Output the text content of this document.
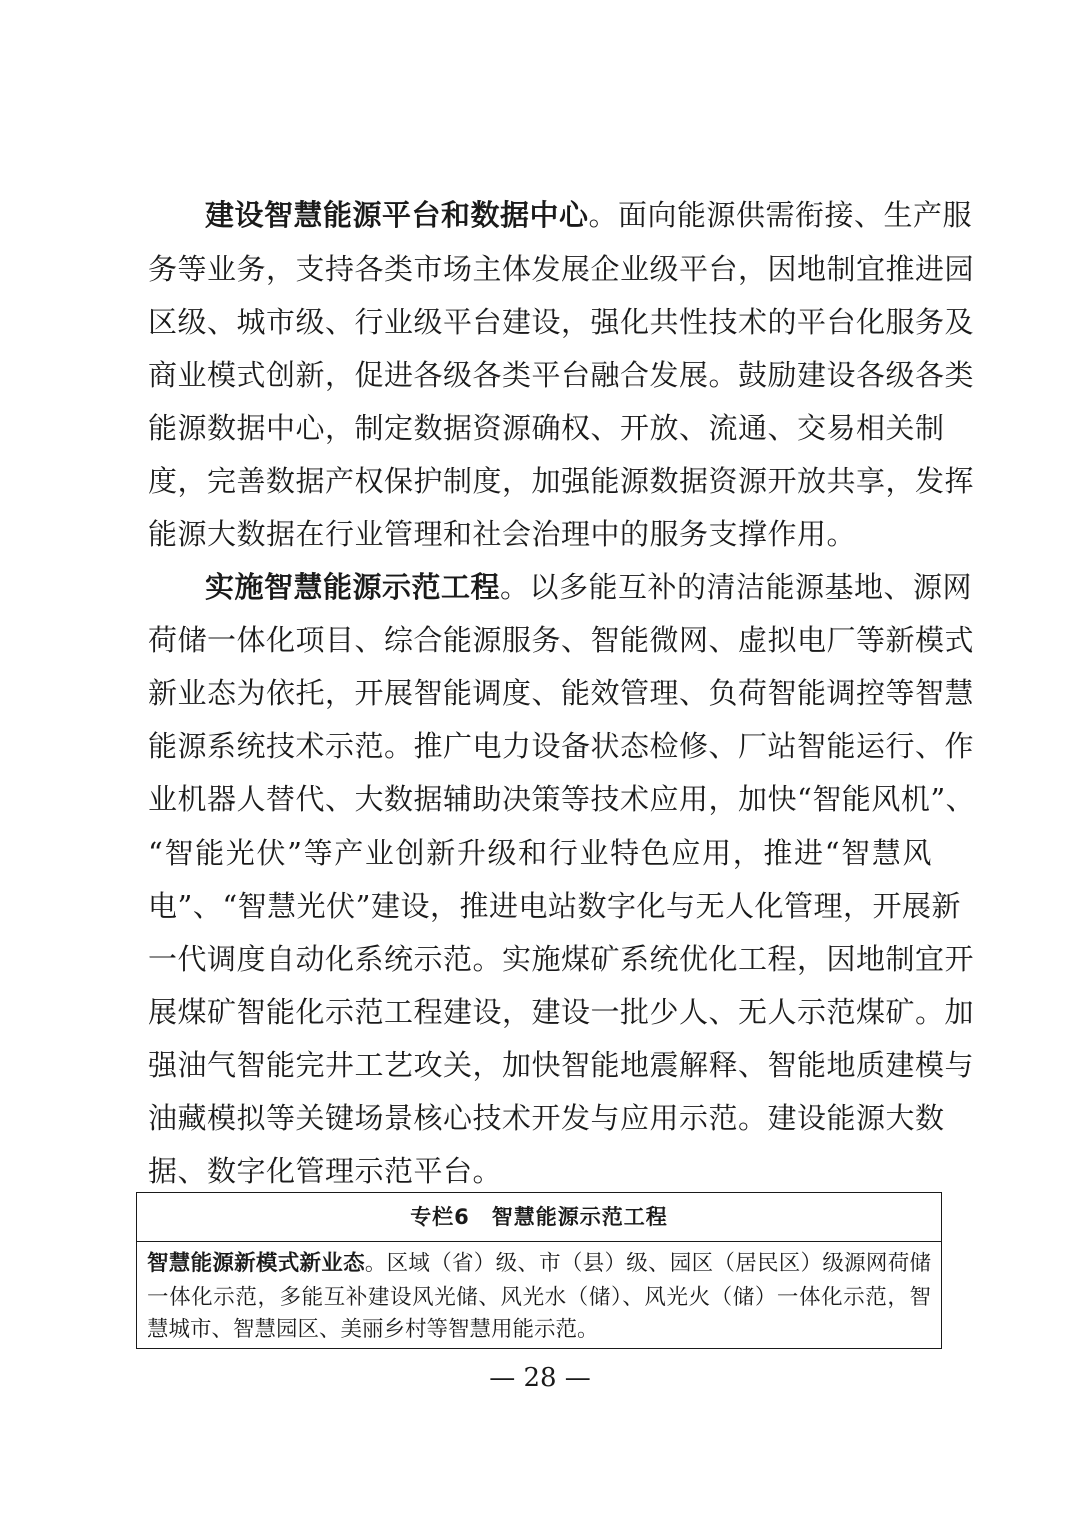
建设智慧能源平台和数据中心。面向能源供需衔接、生产服
务等业务，支持各类市场主体发展企业级平台，因地制宜推进园
区级、城市级、行业级平台建设，强化共性技术的平台化服务及
商业模式创新，促进各级各类平台融合发展。鼓励建设各级各类
能源数据中心，制定数据资源确权、开放、流通、交易相关制
度，完善数据产权保护制度，加强能源数据资源开放共享，发挥
能源大数据在行业管理和社会治理中的服务支撑作用。
实施智慧能源示范工程。以多能互补的清洁能源基地、源网
荷储一体化项目、综合能源服务、智能微网、虚拟电厂等新模式
新业态为依托，开展智能调度、能效管理、负荷智能调控等智慧
能源系统技术示范。推广电力设备状态检修、厂站智能运行、作
业机器人替代、大数据辅助决策等技术应用，加快“智能风机”、
“智能光伏”等产业创新升级和行业特色应用，推进“智慧风
电”、“智慧光伏”建设，推进电站数字化与无人化管理，开展新
一代调度自动化系统示范。实施煤矿系统优化工程，因地制宜开
展煤矿智能化示范工程建设，建设一批少人、无人示范煤矿。加
强油气智能完井工艺攻关，加快智能地震解释、智能地质建模与
油藏模拟等关键场景核心技术开发与应用示范。建设能源大数
据、数字化管理示范平台。
专栏6　智慧能源示范工程
智慧能源新模式新业态。区域（省）级、市（县）级、园区（居民区）级源网荷储
一体化示范，多能互补建设风光储、风光水（储）、风光火（储）一体化示范，智
慧城市、智慧园区、美丽乡村等智慧用能示范。
— 28 —
